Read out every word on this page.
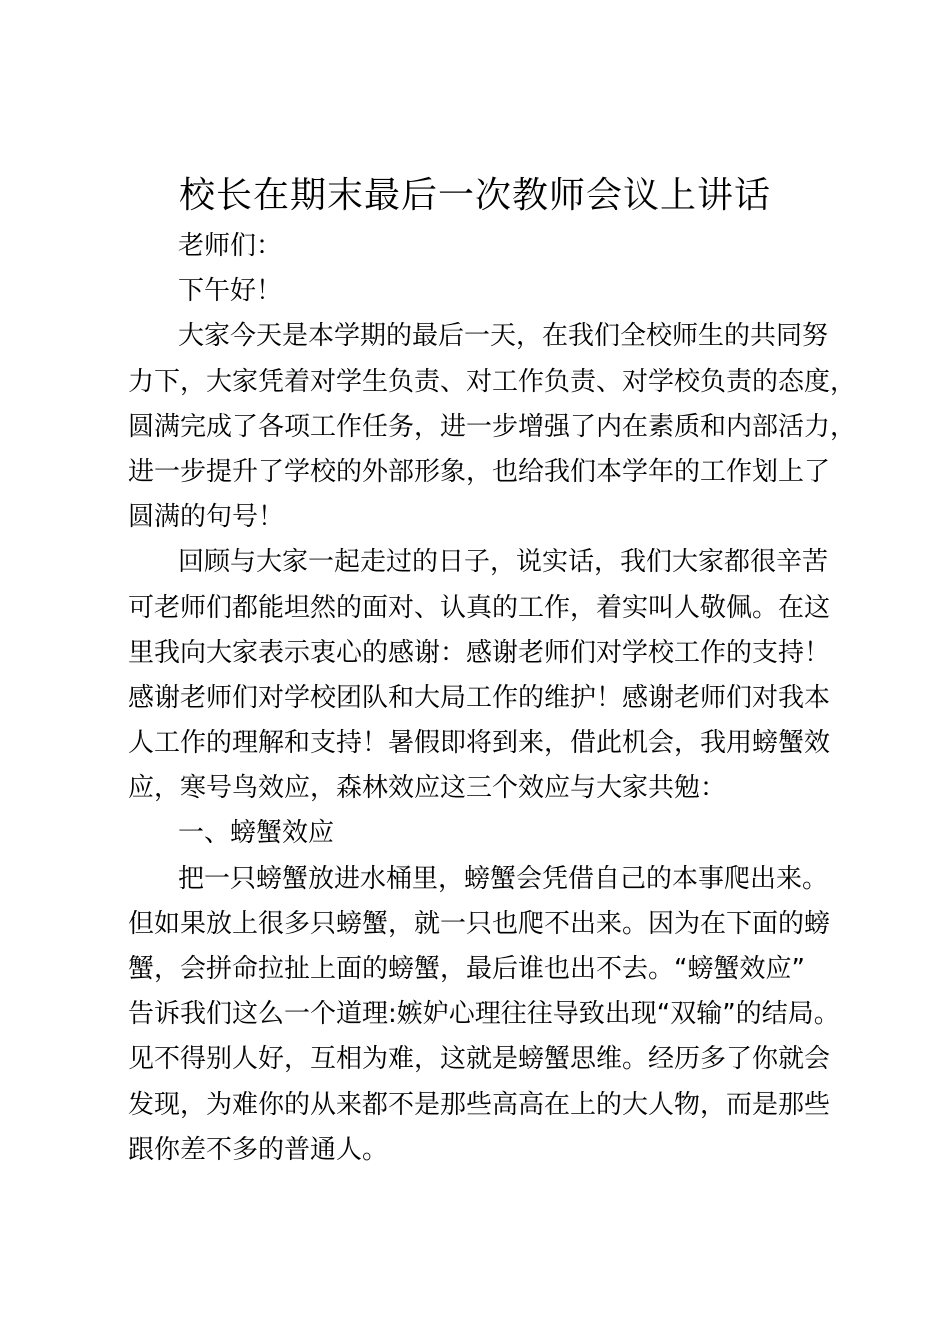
校长在期末最后一次教师会议上讲话
老师们：
下午好！
大家今天是本学期的最后一天，在我们全校师生的共同努
力下，大家凭着对学生负责、对工作负责、对学校负责的态度，
圆满完成了各项工作任务，进一步增强了内在素质和内部活力，
进一步提升了学校的外部形象，也给我们本学年的工作划上了
圆满的句号！
回顾与大家一起走过的日子，说实话，我们大家都很辛苦
可老师们都能坦然的面对、认真的工作，着实叫人敬佩。在这
里我向大家表示衷心的感谢：感谢老师们对学校工作的支持！
感谢老师们对学校团队和大局工作的维护！感谢老师们对我本
人工作的理解和支持！暑假即将到来，借此机会，我用螃蟹效
应，寒号鸟效应，森林效应这三个效应与大家共勉：
一、螃蟹效应
把一只螃蟹放进水桶里，螃蟹会凭借自己的本事爬出来。
但如果放上很多只螃蟹，就一只也爬不出来。因为在下面的螃
蟹，会拼命拉扯上面的螃蟹，最后谁也出不去。“螃蟹效应”
告诉我们这么一个道理:嫉妒心理往往导致出现“双输”的结局。
见不得别人好，互相为难，这就是螃蟹思维。经历多了你就会
发现，为难你的从来都不是那些高高在上的大人物，而是那些
跟你差不多的普通人。
